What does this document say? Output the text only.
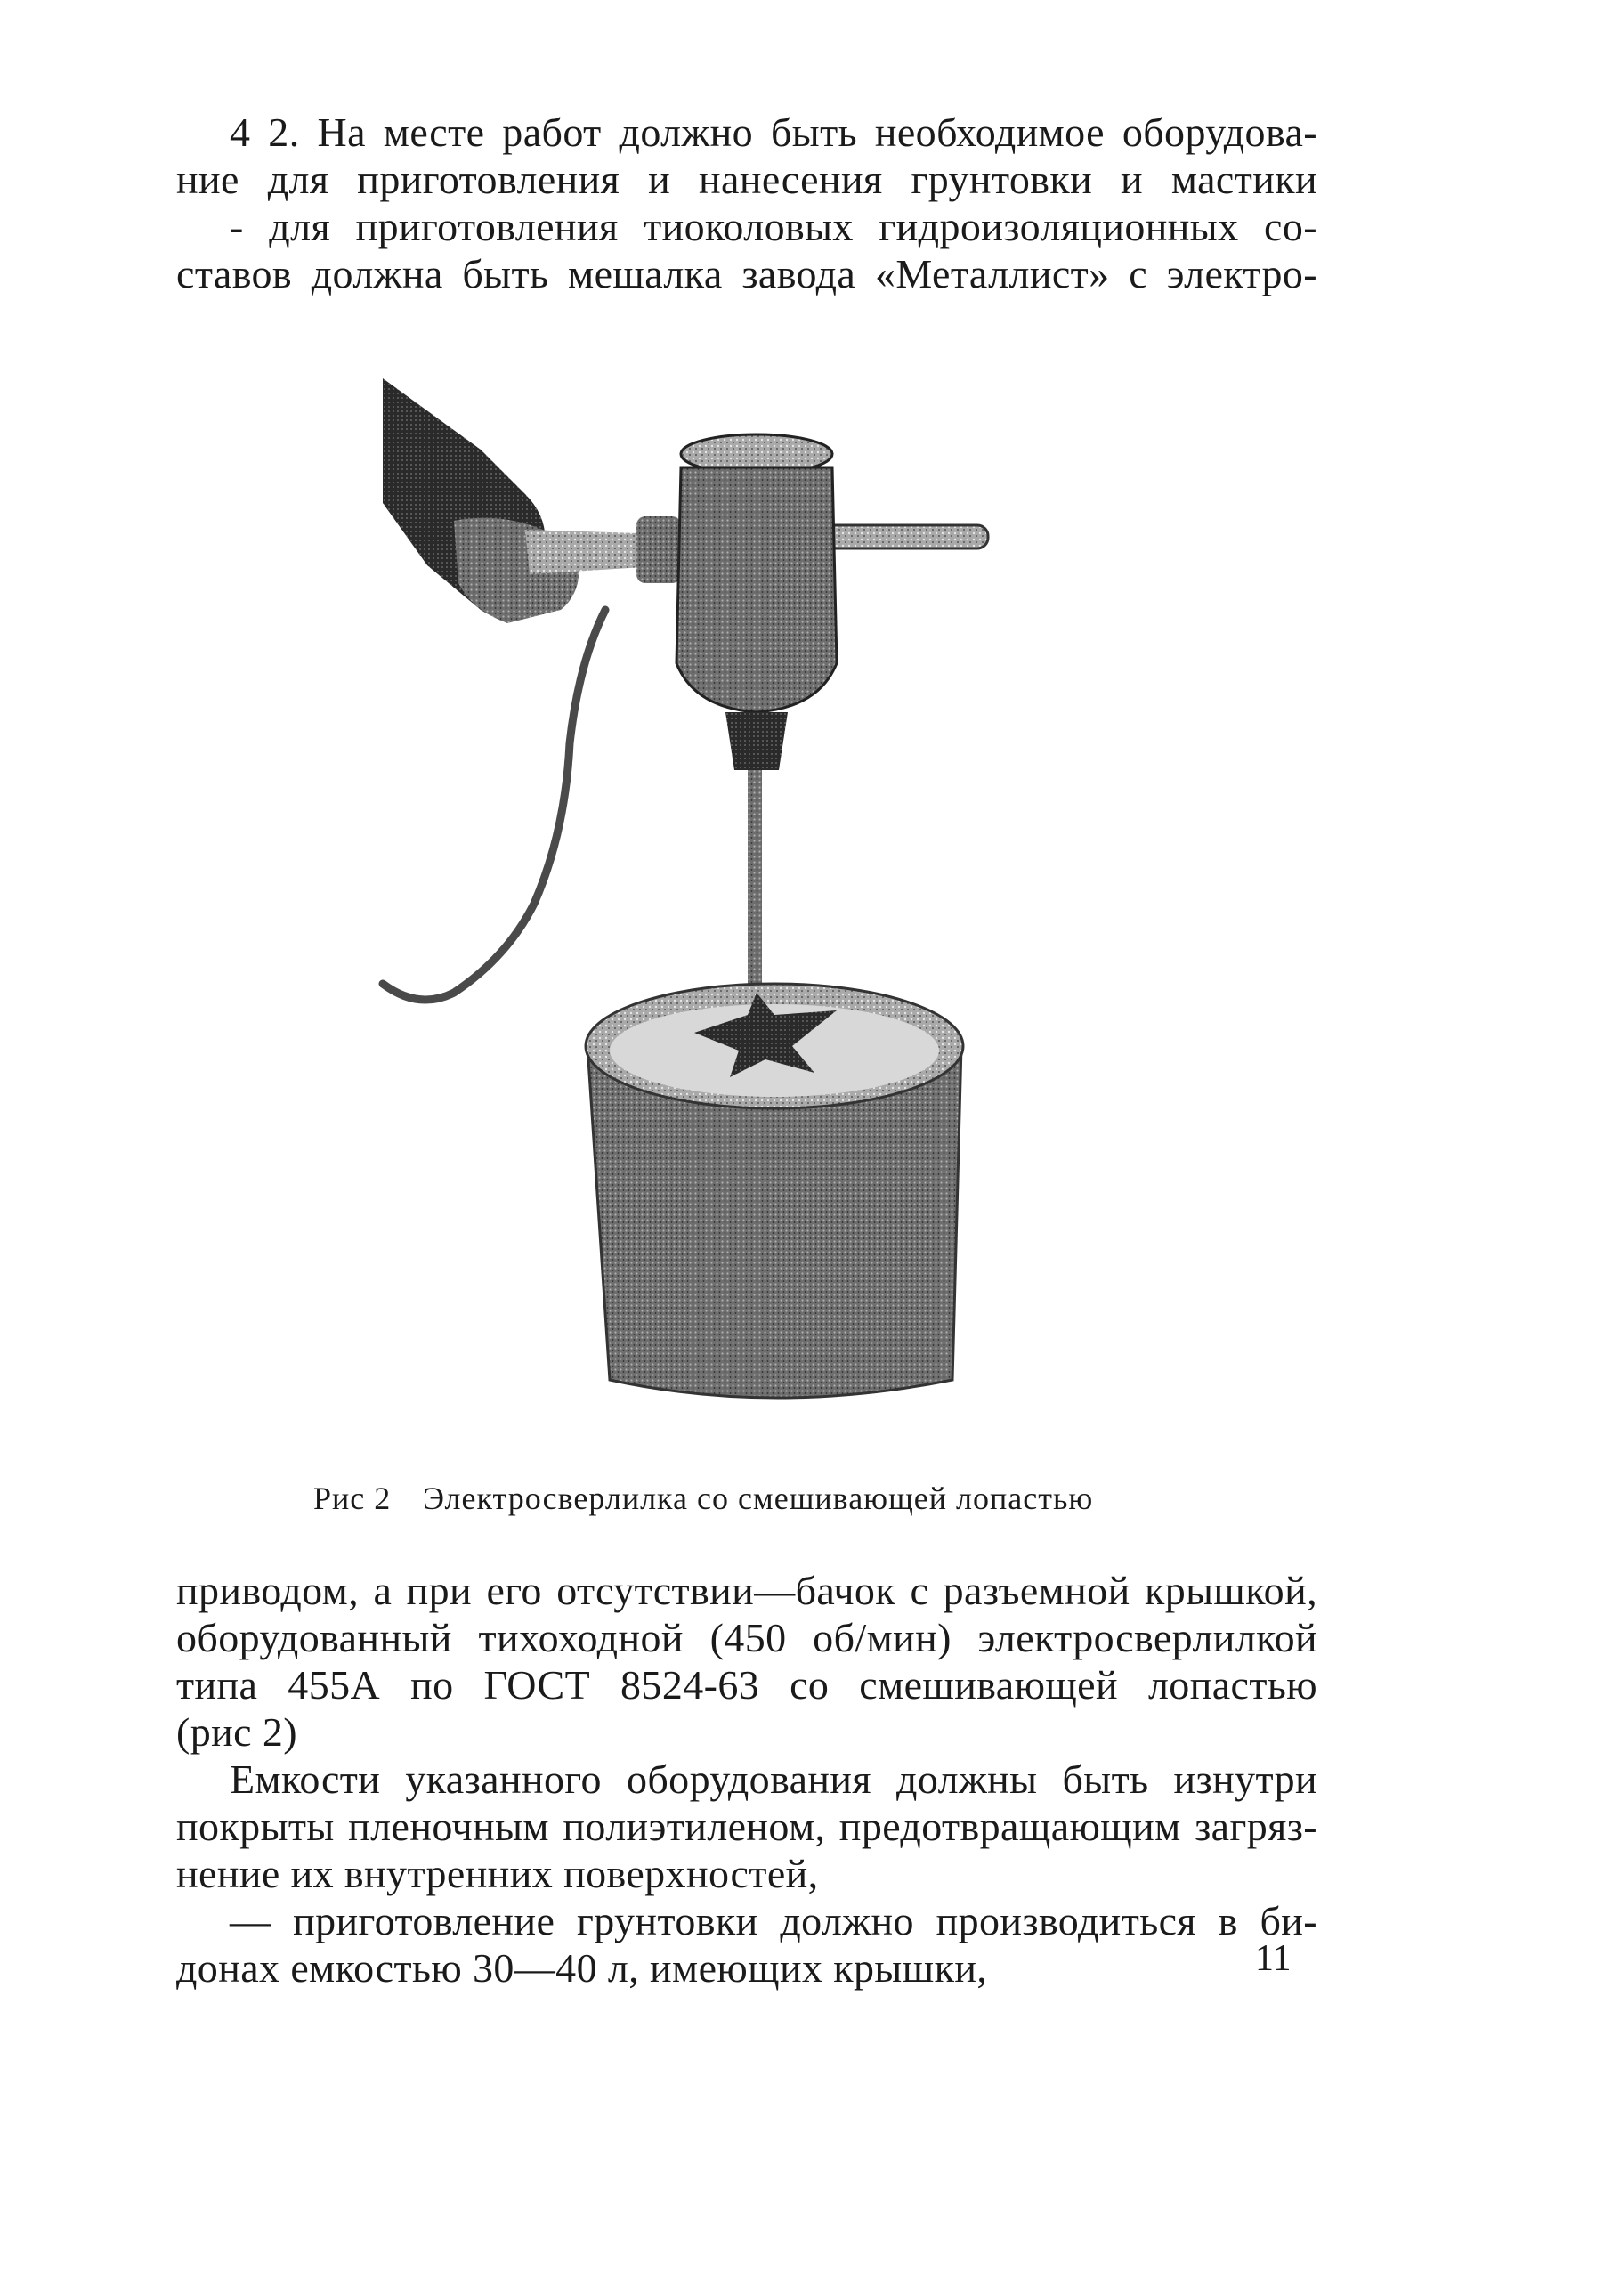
4 2. На месте работ должно быть необходимое оборудова-
ние для приготовления и нанесения грунтовки и мастики
- для приготовления тиоколовых гидроизоляционных со-
ставов должна быть мешалка завода «Металлист» с электро-
Рис 2 Электросверлилка со смешивающей лопастью
приводом, а при его отсутствии—бачок с разъемной крышкой,
оборудованный тихоходной (450 об/мин) электросверлилкой
типа 455А по ГОСТ 8524-63 со смешивающей лопастью
(рис 2)
Емкости указанного оборудования должны быть изнутри
покрыты пленочным полиэтиленом, предотвращающим загряз-
нение их внутренних поверхностей,
— приготовление грунтовки должно производиться в би-
донах емкостью 30—40 л, имеющих крышки,	11
